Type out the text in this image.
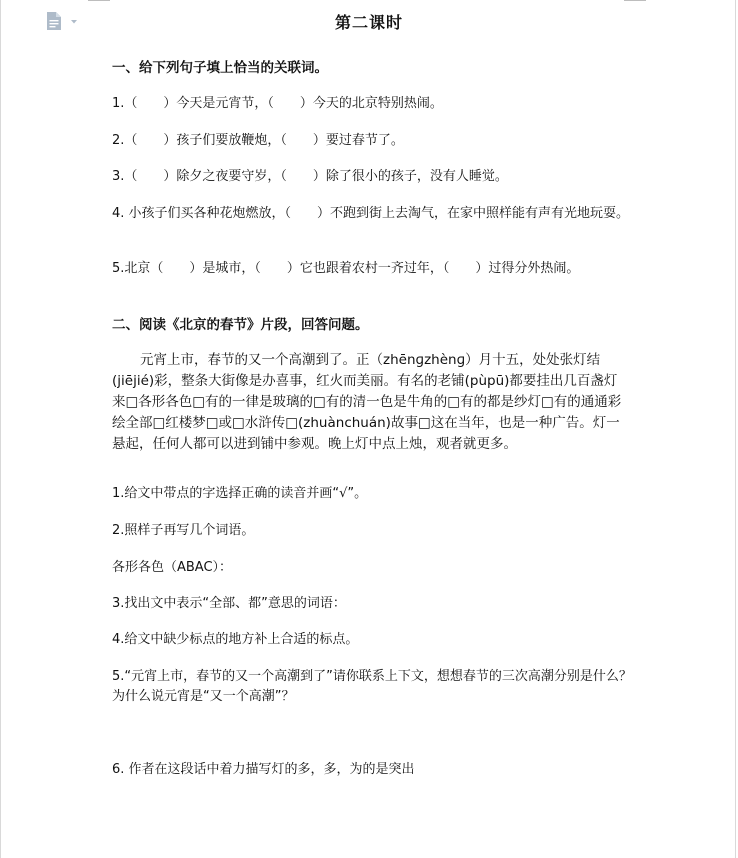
第二课时
一、给下列句子填上恰当的关联词。
1.（　　）今天是元宵节，（　　）今天的北京特别热闹。
2.（　　）孩子们要放鞭炮，（　　）要过春节了。
3.（　　）除夕之夜要守岁，（　　）除了很小的孩子，没有人睡觉。
4. 小孩子们买各种花炮燃放，（　　）不跑到街上去淘气，在家中照样能有声有光地玩耍。
5.北京（　　）是城市，（　　）它也跟着农村一齐过年，（　　）过得分外热闹。
二、阅读《北京的春节》片段，回答问题。
元宵上市，春节的又一个高潮到了。正（zhēnɡzhènɡ）月十五，处处张灯结(jiējié)彩，整条大街像是办喜事，红火而美丽。有名的老铺(pùpū)都要挂出几百盏灯来□各形各色□有的一律是玻璃的□有的清一色是牛角的□有的都是纱灯□有的通通彩绘全部□红楼梦□或□水浒传□(zhuànchuán)故事□这在当年，也是一种广告。灯一悬起，任何人都可以进到铺中参观。晚上灯中点上烛，观者就更多。
1.给文中带点的字选择正确的读音并画“√”。
2.照样子再写几个词语。
各形各色（ABAC）：
3.找出文中表示“全部、都”意思的词语：
4.给文中缺少标点的地方补上合适的标点。
5.“元宵上市，春节的又一个高潮到了”请你联系上下文，想想春节的三次高潮分别是什么？为什么说元宵是“又一个高潮”？
6. 作者在这段话中着力描写灯的多，多，为的是突出
